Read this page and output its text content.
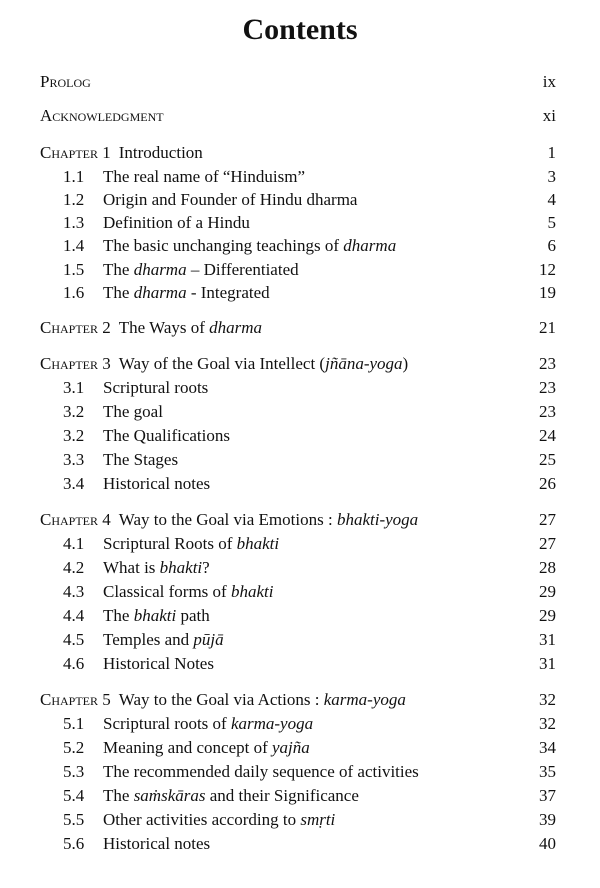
Contents
Prolog	ix
Acknowledgment	xi
Chapter 1 Introduction	1
1.1 The real name of “Hinduism”	3
1.2 Origin and Founder of Hindu dharma	4
1.3 Definition of a Hindu	5
1.4 The basic unchanging teachings of dharma	6
1.5 The dharma – Differentiated	12
1.6 The dharma - Integrated	19
Chapter 2 The Ways of dharma	21
Chapter 3 Way of the Goal via Intellect (jñāna-yoga)	23
3.1 Scriptural roots	23
3.2 The goal	23
3.2 The Qualifications	24
3.3 The Stages	25
3.4 Historical notes	26
Chapter 4 Way to the Goal via Emotions : bhakti-yoga	27
4.1 Scriptural Roots of bhakti	27
4.2 What is bhakti?	28
4.3 Classical forms of bhakti	29
4.4 The bhakti path	29
4.5 Temples and pūjā	31
4.6 Historical Notes	31
Chapter 5 Way to the Goal via Actions : karma-yoga	32
5.1 Scriptural roots of karma-yoga	32
5.2 Meaning and concept of yajña	34
5.3 The recommended daily sequence of activities	35
5.4 The saṁskāras and their Significance	37
5.5 Other activities according to smṛti	39
5.6 Historical notes	40
